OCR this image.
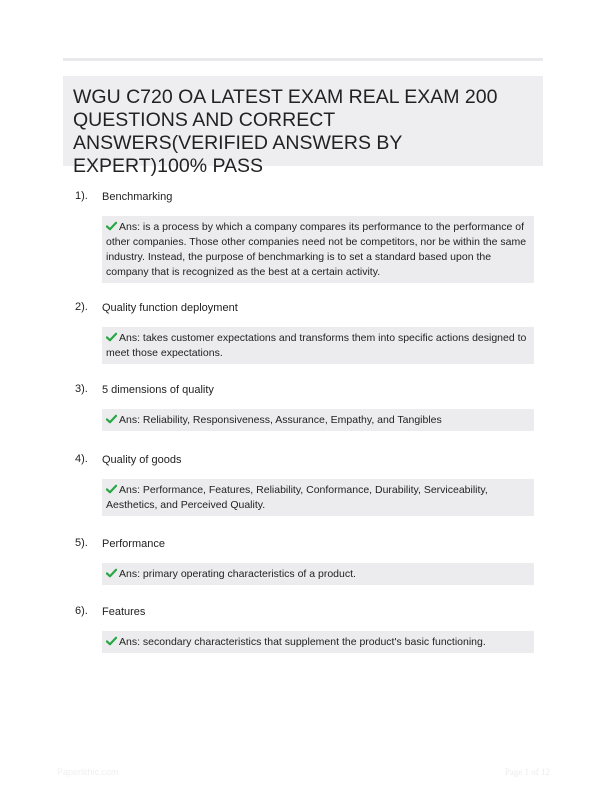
WGU C720 OA LATEST EXAM REAL EXAM 200 QUESTIONS AND CORRECT ANSWERS(VERIFIED ANSWERS BY EXPERT)100% PASS
1). Benchmarking
Ans: is a process by which a company compares its performance to the performance of other companies. Those other companies need not be competitors, nor be within the same industry. Instead, the purpose of benchmarking is to set a standard based upon the company that is recognized as the best at a certain activity.
2). Quality function deployment
Ans: takes customer expectations and transforms them into specific actions designed to meet those expectations.
3). 5 dimensions of quality
Ans: Reliability, Responsiveness, Assurance, Empathy, and Tangibles
4). Quality of goods
Ans: Performance, Features, Reliability, Conformance, Durability, Serviceability, Aesthetics, and Perceived Quality.
5). Performance
Ans: primary operating characteristics of a product.
6). Features
Ans: secondary characteristics that supplement the product's basic functioning.
Paperlithic.com	Page 1 of 12
